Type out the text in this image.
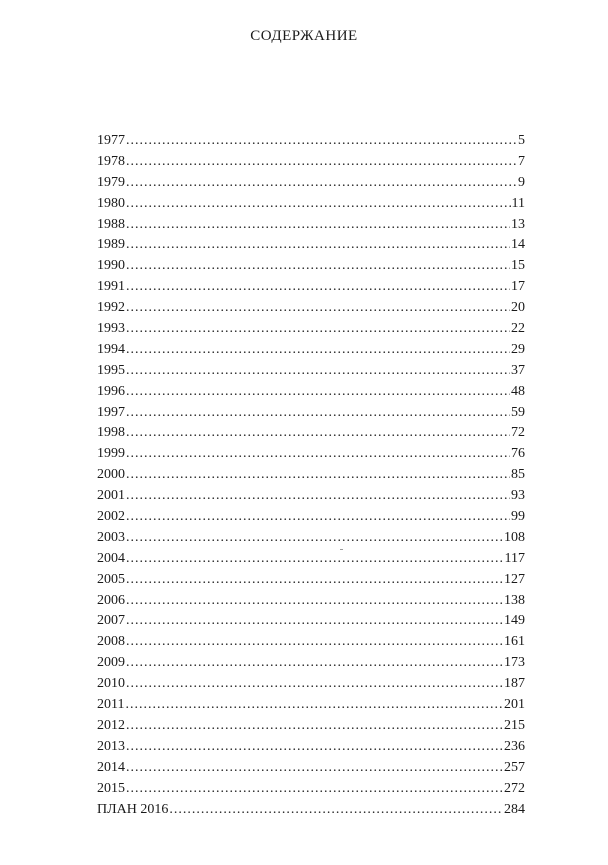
СОДЕРЖАНИЕ
1977 .....	5
1978 .....	7
1979 .....	9
1980 .....	11
1988 .....	13
1989 .....	14
1990 .....	15
1991 .....	17
1992 .....	20
1993 .....	22
1994 .....	29
1995 .....	37
1996 .....	48
1997 .....	59
1998 .....	72
1999 .....	76
2000 .....	85
2001 .....	93
2002 .....	99
2003 .....	108
2004 .....	117
2005 .....	127
2006 .....	138
2007 .....	149
2008 .....	161
2009 .....	173
2010 .....	187
2011 .....	201
2012 .....	215
2013 .....	236
2014 .....	257
2015 .....	272
ПЛАН 2016 .....	284
